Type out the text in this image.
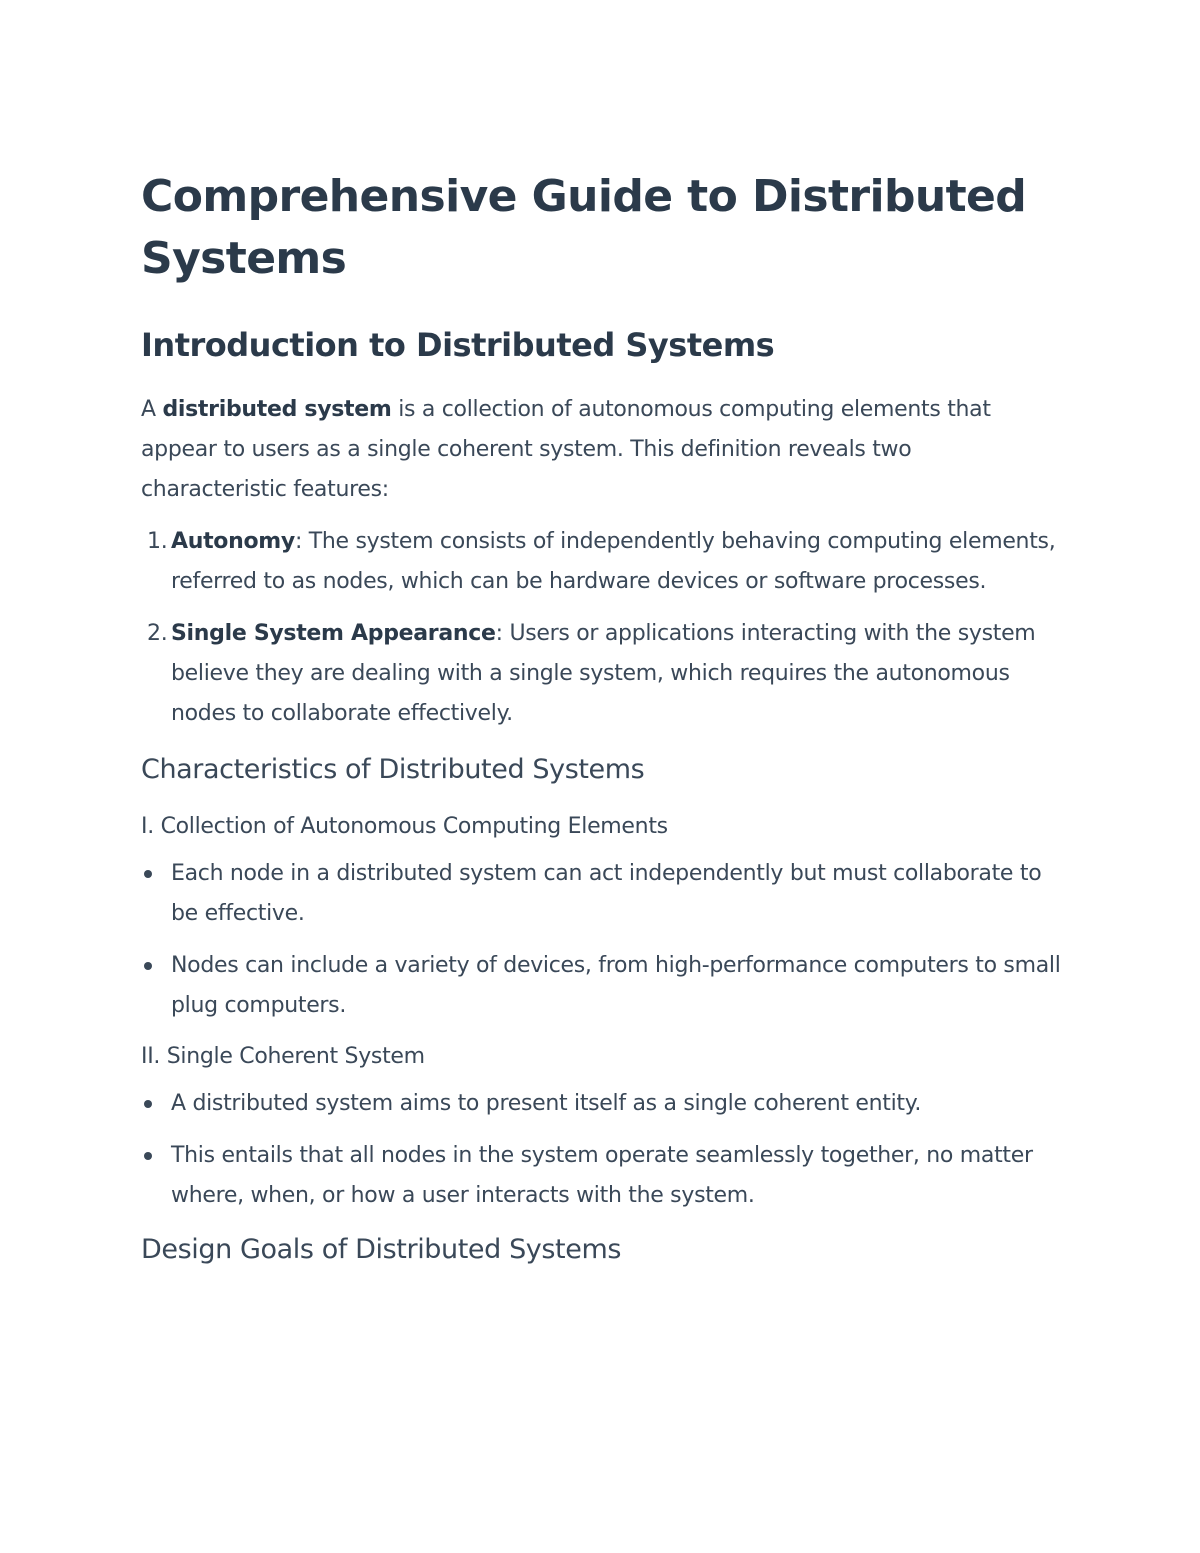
Comprehensive Guide to Distributed Systems
Introduction to Distributed Systems

A distributed system is a collection of autonomous computing elements that appear to users as a single coherent system. This definition reveals two characteristic features:

1. Autonomy: The system consists of independently behaving computing elements, referred to as nodes, which can be hardware devices or software processes.
2. Single System Appearance: Users or applications interacting with the system believe they are dealing with a single system, which requires the autonomous nodes to collaborate effectively.
Characteristics of Distributed Systems
I. Collection of Autonomous Computing Elements
Each node in a distributed system can act independently but must collaborate to be effective.
Nodes can include a variety of devices, from high-performance computers to small plug computers.
II. Single Coherent System
A distributed system aims to present itself as a single coherent entity.
This entails that all nodes in the system operate seamlessly together, no matter where, when, or how a user interacts with the system.
Design Goals of Distributed Systems
